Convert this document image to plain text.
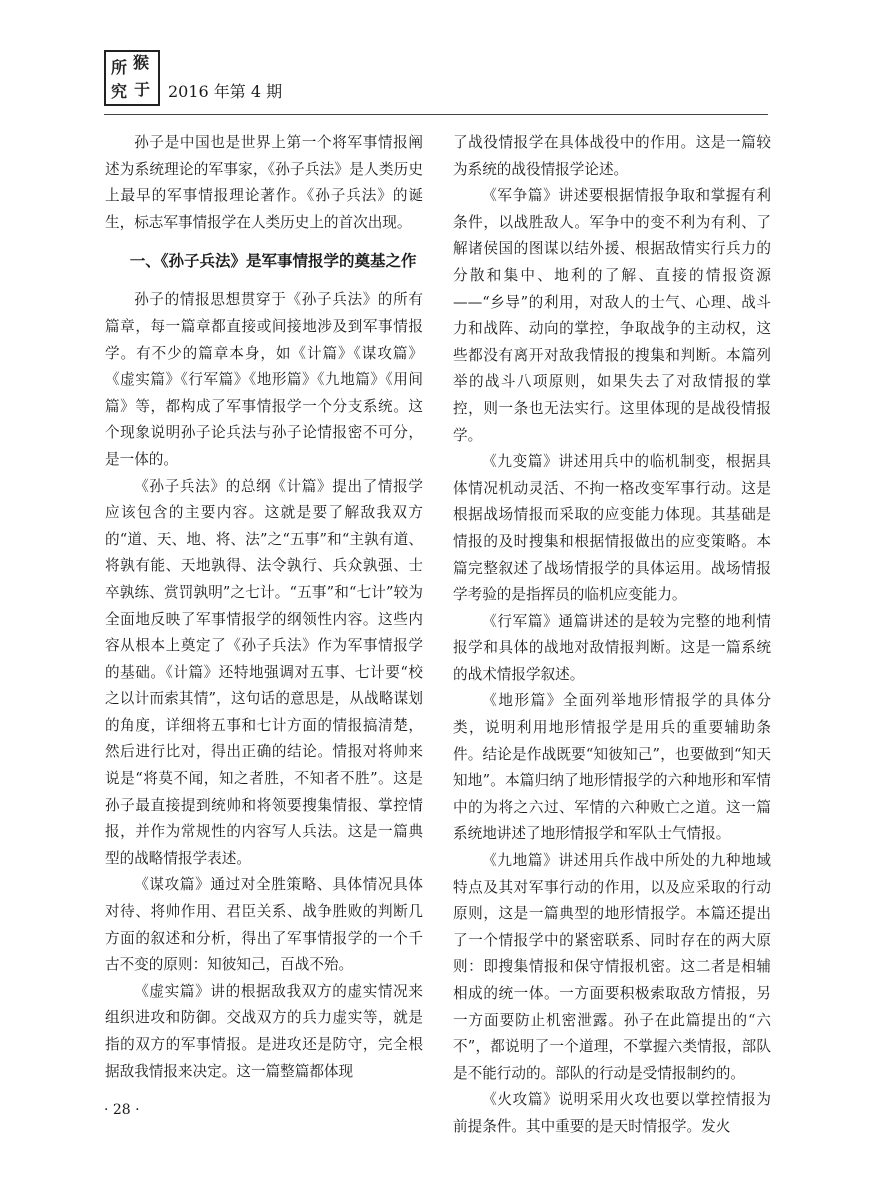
所 猴
究 于 2016 年第 4 期

孙子是中国也是世界上第一个将军事情报阐述为系统理论的军事家，《孙子兵法》是人类历史上最早的军事情报理论著作。《孙子兵法》的诞生，标志军事情报学在人类历史上的首次出现。

一、《孙子兵法》是军事情报学的奠基之作

孙子的情报思想贯穿于《孙子兵法》的所有篇章，每一篇章都直接或间接地涉及到军事情报学。有不少的篇章本身，如《计篇》《谋攻篇》《虚实篇》《行军篇》《地形篇》《九地篇》《用间篇》等，都构成了军事情报学一个分支系统。这个现象说明孙子论兵法与孙子论情报密不可分，是一体的。

《孙子兵法》的总纲《计篇》提出了情报学应该包含的主要内容。这就是要了解敌我双方的“道、天、地、将、法”之“五事”和“主孰有道、将孰有能、天地孰得、法令孰行、兵众孰强、士卒孰练、赏罚孰明”之七计。“五事”和“七计”较为全面地反映了军事情报学的纲领性内容。这些内容从根本上奠定了《孙子兵法》作为军事情报学的基础。《计篇》还特地强调对五事、七计要“校之以计而索其情”，这句话的意思是，从战略谋划的角度，详细将五事和七计方面的情报搞清楚，然后进行比对，得出正确的结论。情报对将帅来说是“将莫不闻，知之者胜，不知者不胜”。这是孙子最直接提到统帅和将领要搜集情报、掌控情报，并作为常规性的内容写人兵法。这是一篇典型的战略情报学表述。

《谋攻篇》通过对全胜策略、具体情况具体对待、将帅作用、君臣关系、战争胜败的判断几方面的叙述和分析，得出了军事情报学的一个千古不变的原则：知彼知己，百战不殆。

《虚实篇》讲的根据敌我双方的虚实情况来组织进攻和防御。交战双方的兵力虚实等，就是指的双方的军事情报。是进攻还是防守，完全根据敌我情报来决定。这一篇整篇都体现

了战役情报学在具体战役中的作用。这是一篇较为系统的战役情报学论述。

《军争篇》讲述要根据情报争取和掌握有利条件，以战胜敌人。军争中的变不利为有利、了解诸侯国的图谋以结外援、根据敌情实行兵力的分散和集中、地利的了解、直接的情报资源——“乡导”的利用，对敌人的士气、心理、战斗力和战阵、动向的掌控，争取战争的主动权，这些都没有离开对敌我情报的搜集和判断。本篇列举的战斗八项原则，如果失去了对敌情报的掌控，则一条也无法实行。这里体现的是战役情报学。

《九变篇》讲述用兵中的临机制变，根据具体情况机动灵活、不拘一格改变军事行动。这是根据战场情报而采取的应变能力体现。其基础是情报的及时搜集和根据情报做出的应变策略。本篇完整叙述了战场情报学的具体运用。战场情报学考验的是指挥员的临机应变能力。

《行军篇》通篇讲述的是较为完整的地利情报学和具体的战地对敌情报判断。这是一篇系统的战术情报学叙述。

《地形篇》全面列举地形情报学的具体分类，说明利用地形情报学是用兵的重要辅助条件。结论是作战既要“知彼知己”，也要做到“知天知地”。本篇归纳了地形情报学的六种地形和军情中的为将之六过、军情的六种败亡之道。这一篇系统地讲述了地形情报学和军队士气情报。

《九地篇》讲述用兵作战中所处的九种地域特点及其对军事行动的作用，以及应采取的行动原则，这是一篇典型的地形情报学。本篇还提出了一个情报学中的紧密联系、同时存在的两大原则：即搜集情报和保守情报机密。这二者是相辅相成的统一体。一方面要积极索取敌方情报，另一方面要防止机密泄露。孙子在此篇提出的“六不”，都说明了一个道理，不掌握六类情报，部队是不能行动的。部队的行动是受情报制约的。

《火攻篇》说明采用火攻也要以掌控情报为前提条件。其中重要的是天时情报学。发火

· 28 ·
